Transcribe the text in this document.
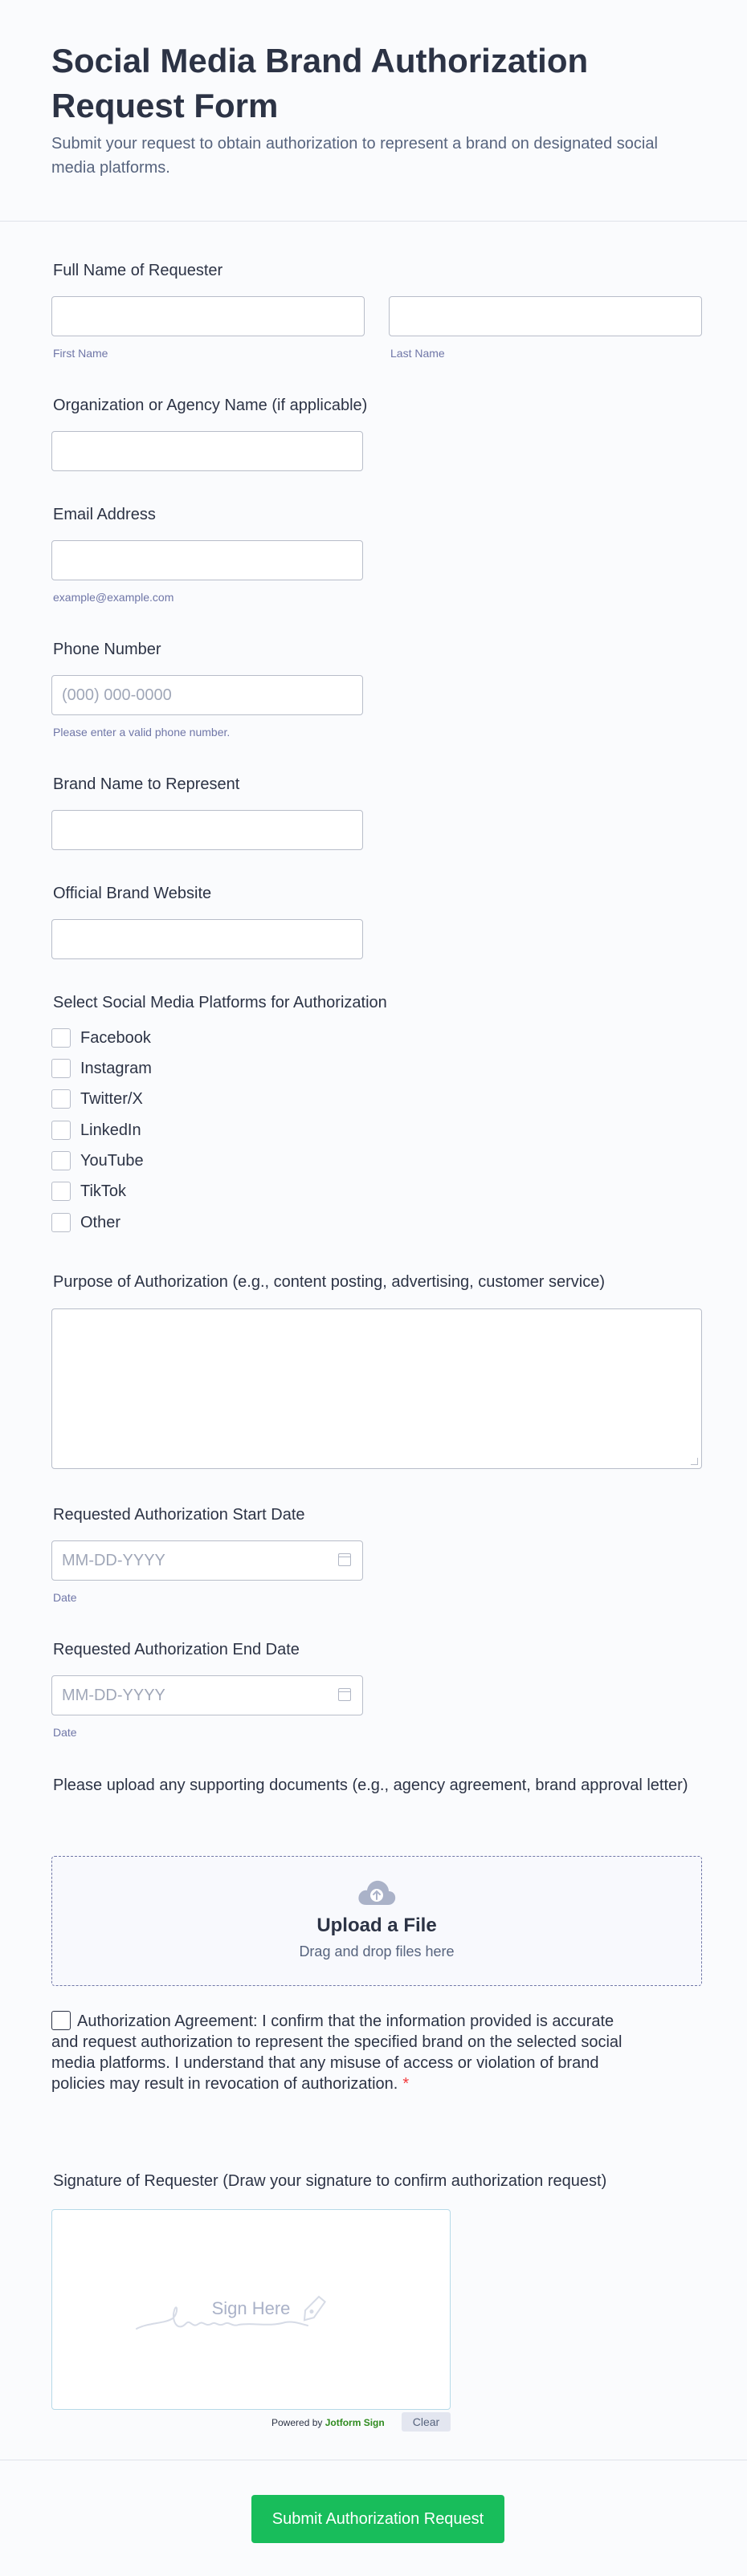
Social Media Brand Authorization Request Form

Submit your request to obtain authorization to represent a brand on designated social media platforms.

Full Name of Requester
First Name	Last Name
Organization or Agency Name (if applicable)
Email Address
example@example.com
Phone Number
(000) 000-0000
Please enter a valid phone number.
Brand Name to Represent
Official Brand Website
Select Social Media Platforms for Authorization
Facebook
Instagram
Twitter/X
LinkedIn
YouTube
TikTok
Other
Purpose of Authorization (e.g., content posting, advertising, customer service)
Requested Authorization Start Date
MM-DD-YYYY
Date
Requested Authorization End Date
MM-DD-YYYY
Date
Please upload any supporting documents (e.g., agency agreement, brand approval letter)
Upload a File
Drag and drop files here
Authorization Agreement: I confirm that the information provided is accurate and request authorization to represent the specified brand on the selected social media platforms. I understand that any misuse of access or violation of brand policies may result in revocation of authorization. *
Signature of Requester (Draw your signature to confirm authorization request)
Sign Here
Powered by Jotform Sign	Clear
Submit Authorization Request
